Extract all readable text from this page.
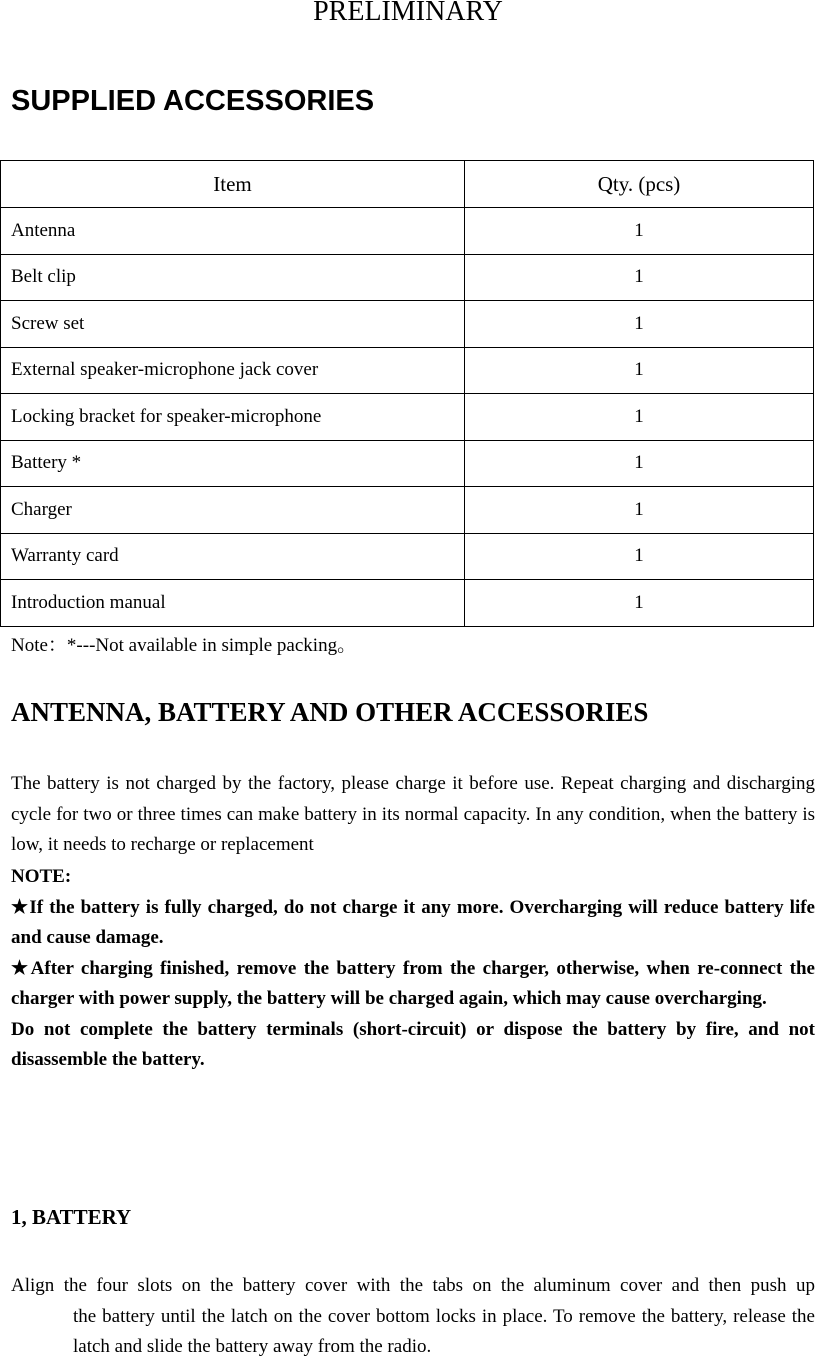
PRELIMINARY
SUPPLIED ACCESSORIES
Item	Qty. (pcs)
Antenna	1
Belt clip	1
Screw set	1
External speaker-microphone jack cover	1
Locking bracket for speaker-microphone	1
Battery *	1
Charger	1
Warranty card	1
Introduction manual	1
Note：*---Not available in simple packing。
ANTENNA, BATTERY AND OTHER ACCESSORIES
The battery is not charged by the factory, please charge it before use. Repeat charging and discharging cycle for two or three times can make battery in its normal capacity. In any condition, when the battery is low, it needs to recharge or replacement
NOTE:
★If the battery is fully charged, do not charge it any more. Overcharging will reduce battery life and cause damage.
★After charging finished, remove the battery from the charger, otherwise, when re-connect the charger with power supply, the battery will be charged again, which may cause overcharging.
Do not complete the battery terminals (short-circuit) or dispose the battery by fire, and not disassemble the battery.
1, BATTERY
Align the four slots on the battery cover with the tabs on the aluminum cover and then push up
the battery until the latch on the cover bottom locks in place. To remove the battery, release the latch and slide the battery away from the radio.
